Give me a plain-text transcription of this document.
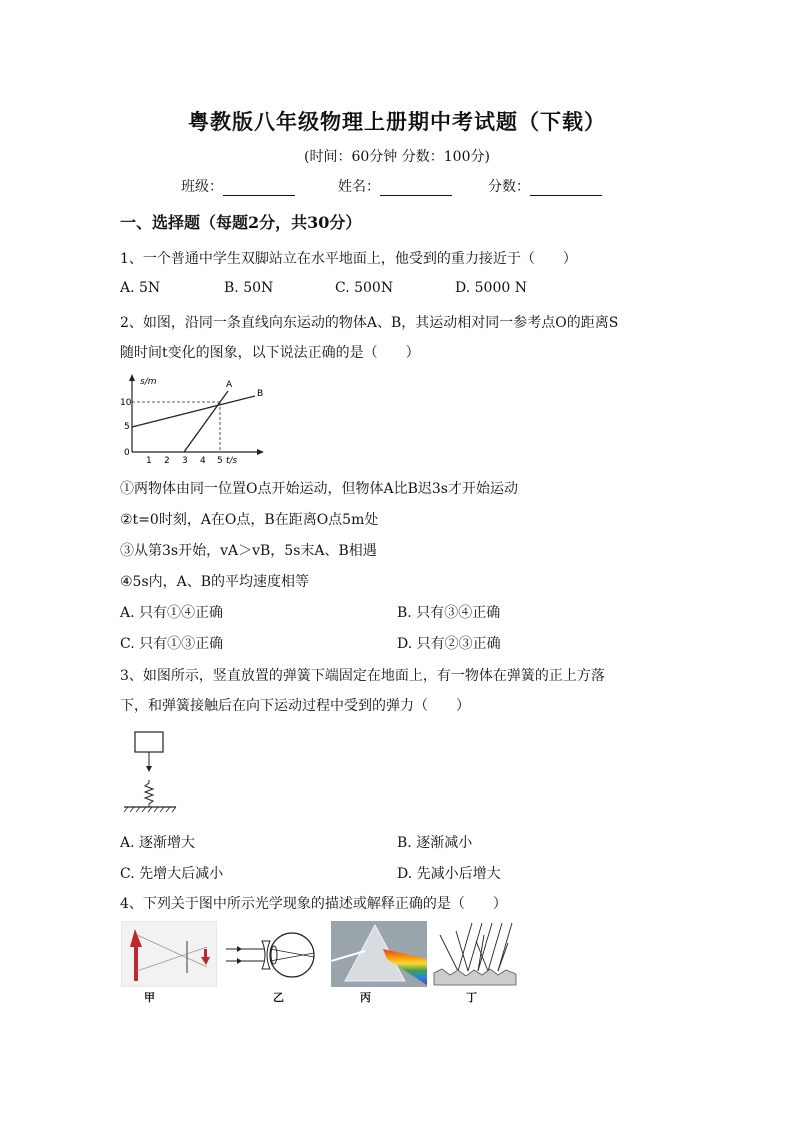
粤教版八年级物理上册期中考试题（下载）
(时间：60分钟 分数：100分)
班级：	姓名：	分数：
一、选择题（每题2分，共30分）
1、一个普通中学生双脚站立在水平地面上，他受到的重力接近于（　　）
A. 5N	B. 50N	C. 500N	D. 5000 N
2、如图，沿同一条直线向东运动的物体A、B，其运动相对同一参考点O的距离S
随时间t变化的图象，以下说法正确的是（　　）
s/m
t/s
10
5
0
1 2 3 4 5
A
B
①两物体由同一位置O点开始运动，但物体A比B迟3s才开始运动
②t=0时刻，A在O点，B在距离O点5m处
③从第3s开始，vA＞vB，5s末A、B相遇
④5s内，A、B的平均速度相等
A. 只有①④正确	B. 只有③④正确
C. 只有①③正确	D. 只有②③正确
3、如图所示，竖直放置的弹簧下端固定在地面上，有一物体在弹簧的正上方落
下，和弹簧接触后在向下运动过程中受到的弹力（　　）
A. 逐渐增大	B. 逐渐减小
C. 先增大后减小	D. 先减小后增大
4、下列关于图中所示光学现象的描述或解释正确的是（　　）
甲	乙	丙	丁
